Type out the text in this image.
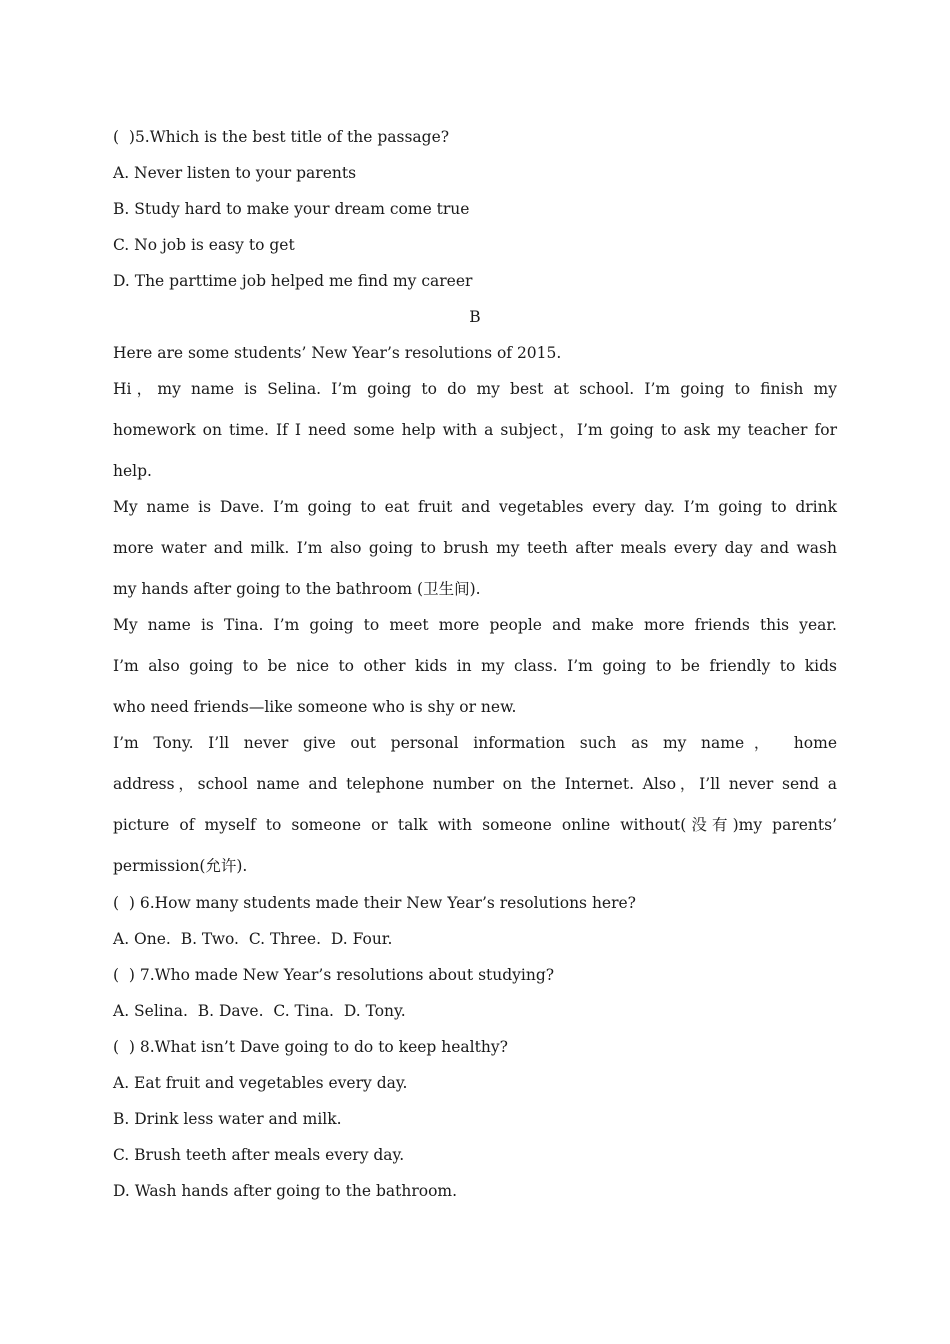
(  )5.Which is the best title of the passage?
A. Never listen to your parents
B. Study hard to make your dream come true
C. No job is easy to get
D. The parttime job helped me find my career
B
Here are some students’ New Year’s resolutions of 2015.
Hi，my name is Selina. I’m going to do my best at school. I’m going to finish my
homework on time. If I need some help with a subject，I’m going to ask my teacher for
help.
My name is Dave. I’m going to eat fruit and vegetables every day. I’m going to drink
more water and milk. I’m also going to brush my teeth after meals every day and wash
my hands after going to the bathroom (卫生间).
My name is Tina. I’m going to meet more people and make more friends this year.
I’m also going to be nice to other kids in my class. I’m going to be friendly to kids
who need friends—like someone who is shy or new.
I’m Tony. I’ll never give out personal information such as my name， home
address，school name and telephone number on the Internet. Also，I’ll never send a
picture of myself to someone or talk with someone online without(没有)my parents’
permission(允许).
(  ) 6.How many students made their New Year’s resolutions here?
A. One.  B. Two.  C. Three.  D. Four.
(  ) 7.Who made New Year’s resolutions about studying?
A. Selina.  B. Dave.  C. Tina.  D. Tony.
(  ) 8.What isn’t Dave going to do to keep healthy?
A. Eat fruit and vegetables every day.
B. Drink less water and milk.
C. Brush teeth after meals every day.
D. Wash hands after going to the bathroom.
